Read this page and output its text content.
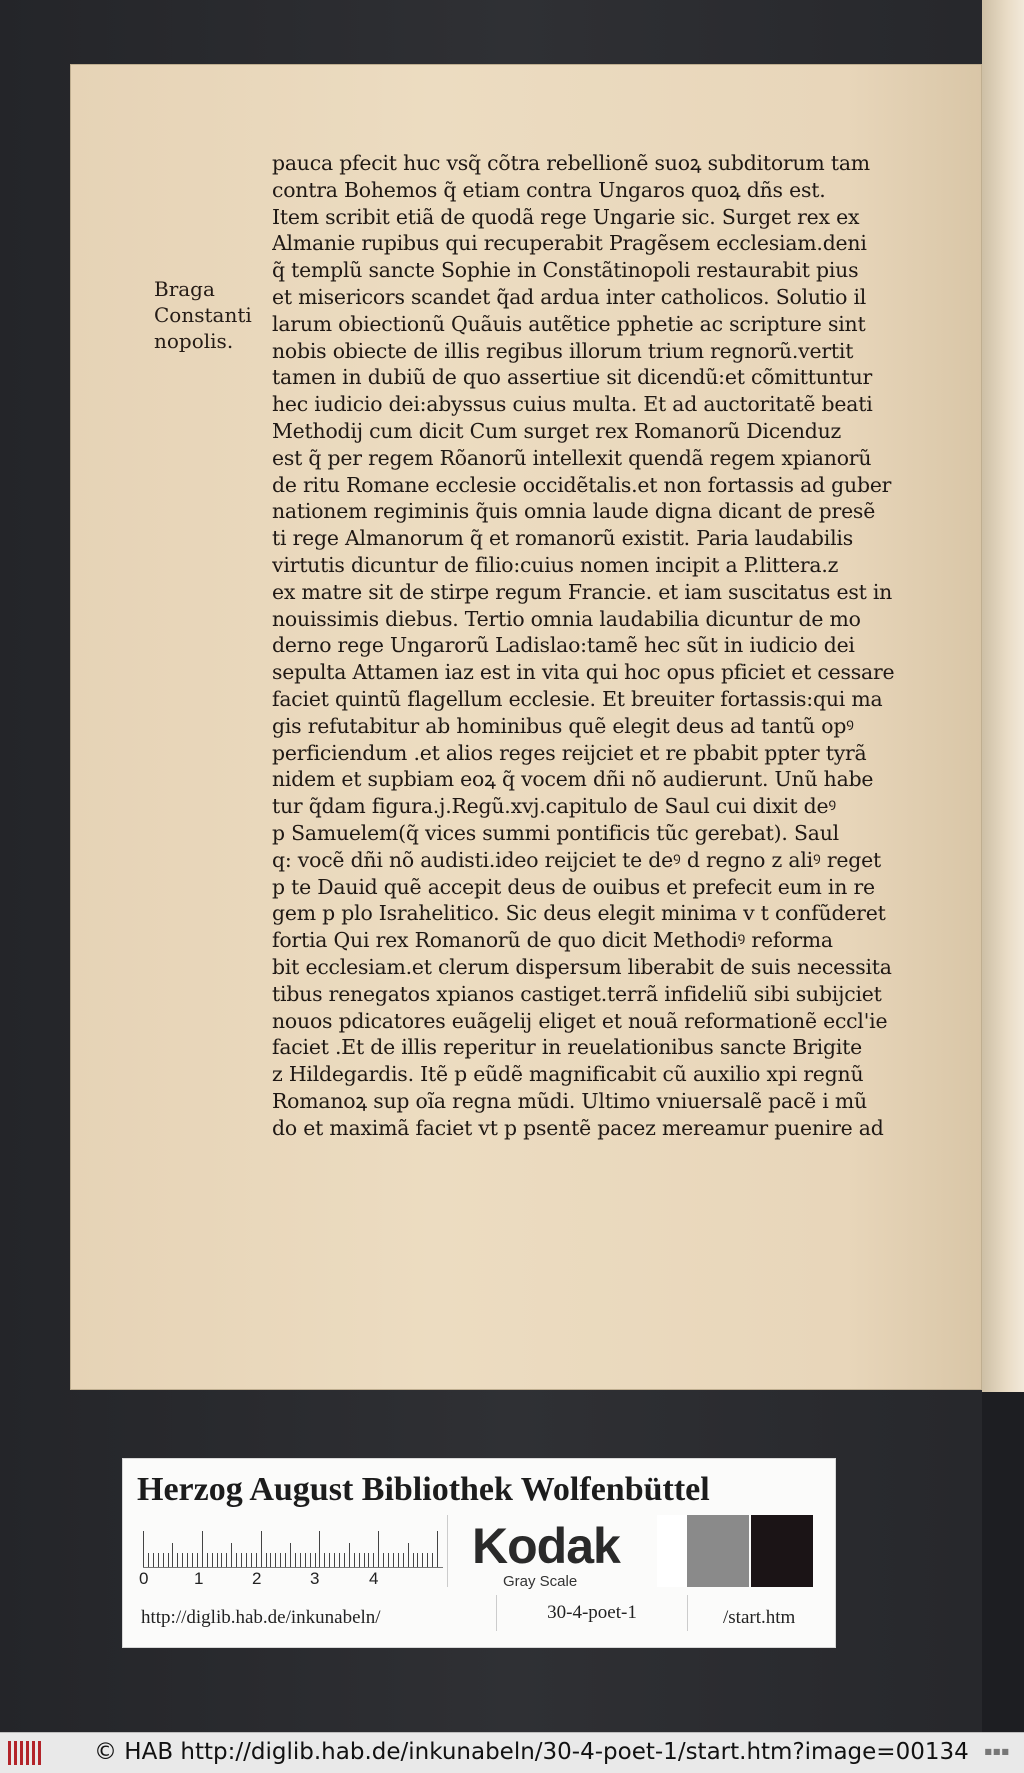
Braga
Constanti
nopolis.
pauca pfecit huc vsq̃ cõtra rebellionẽ suoꝝ subditorum tam
contra Bohemos q̃ etiam contra Ungaros quoꝝ dñs est.
Item scribit etiã de quodã rege Ungarie sic. Surget rex ex
Almanie rupibus qui recuperabit Pragẽsem ecclesiam.deni
q̃ templũ sancte Sophie in Constãtinopoli restaurabit pius
et misericors scandet q̃ad ardua inter catholicos. Solutio il
larum obiectionũ Quãuis autẽtice pphetie ac scripture sint
nobis obiecte de illis regibus illorum trium regnorũ.vertit
tamen in dubiũ de quo assertiue sit dicendũ:et cõmittuntur
hec iudicio dei:abyssus cuius multa. Et ad auctoritatẽ beati
Methodij cum dicit Cum surget rex Romanorũ Dicenduz
est q̃ per regem Rõanorũ intellexit quendã regem xpianorũ
de ritu Romane ecclesie occidẽtalis.et non fortassis ad guber
nationem regiminis q̃uis omnia laude digna dicant de presẽ
ti rege Almanorum q̃ et romanorũ existit. Paria laudabilis
virtutis dicuntur de filio:cuius nomen incipit a P.littera.z
ex matre sit de stirpe regum Francie. et iam suscitatus est in
nouissimis diebus. Tertio omnia laudabilia dicuntur de mo
derno rege Ungarorũ Ladislao:tamẽ hec sũt in iudicio dei
sepulta Attamen iaz est in vita qui hoc opus pficiet et cessare
faciet quintũ flagellum ecclesie. Et breuiter fortassis:qui ma
gis refutabitur ab hominibus quẽ elegit deus ad tantũ opꝰ
perficiendum .et alios reges reijciet et re pbabit ppter tyrã
nidem et supbiam eoꝝ q̃ vocem dñi nõ audierunt. Unũ habe
tur q̃dam figura.j.Regũ.xvj.capitulo de Saul cui dixit deꝰ
p Samuelem(q̃ vices summi pontificis tũc gerebat). Saul
q: vocẽ dñi nõ audisti.ideo reijciet te deꝰ d regno z aliꝰ reget
p te Dauid quẽ accepit deus de ouibus et prefecit eum in re
gem p plo Israhelitico. Sic deus elegit minima v t confũderet
fortia Qui rex Romanorũ de quo dicit Methodiꝰ reforma
bit ecclesiam.et clerum dispersum liberabit de suis necessita
tibus renegatos xpianos castiget.terrã infideliũ sibi subijciet
nouos pdicatores euãgelij eliget et nouã reformationẽ eccl'ie
faciet .Et de illis reperitur in reuelationibus sancte Brigite
z Hildegardis. Itẽ p eũdẽ magnificabit cũ auxilio xpi regnũ
Romanoꝝ sup oĩa regna mũdi. Ultimo vniuersalẽ pacẽ i mũ
do et maximã faciet vt p psentẽ pacez mereamur puenire ad
Herzog August Bibliothek Wolfenbüttel
0	1	2	3	4
Kodak
Gray Scale
http://diglib.hab.de/inkunabeln/	30-4-poet-1	/start.htm
© HAB http://diglib.hab.de/inkunabeln/30-4-poet-1/start.htm?image=00134 ■■■
